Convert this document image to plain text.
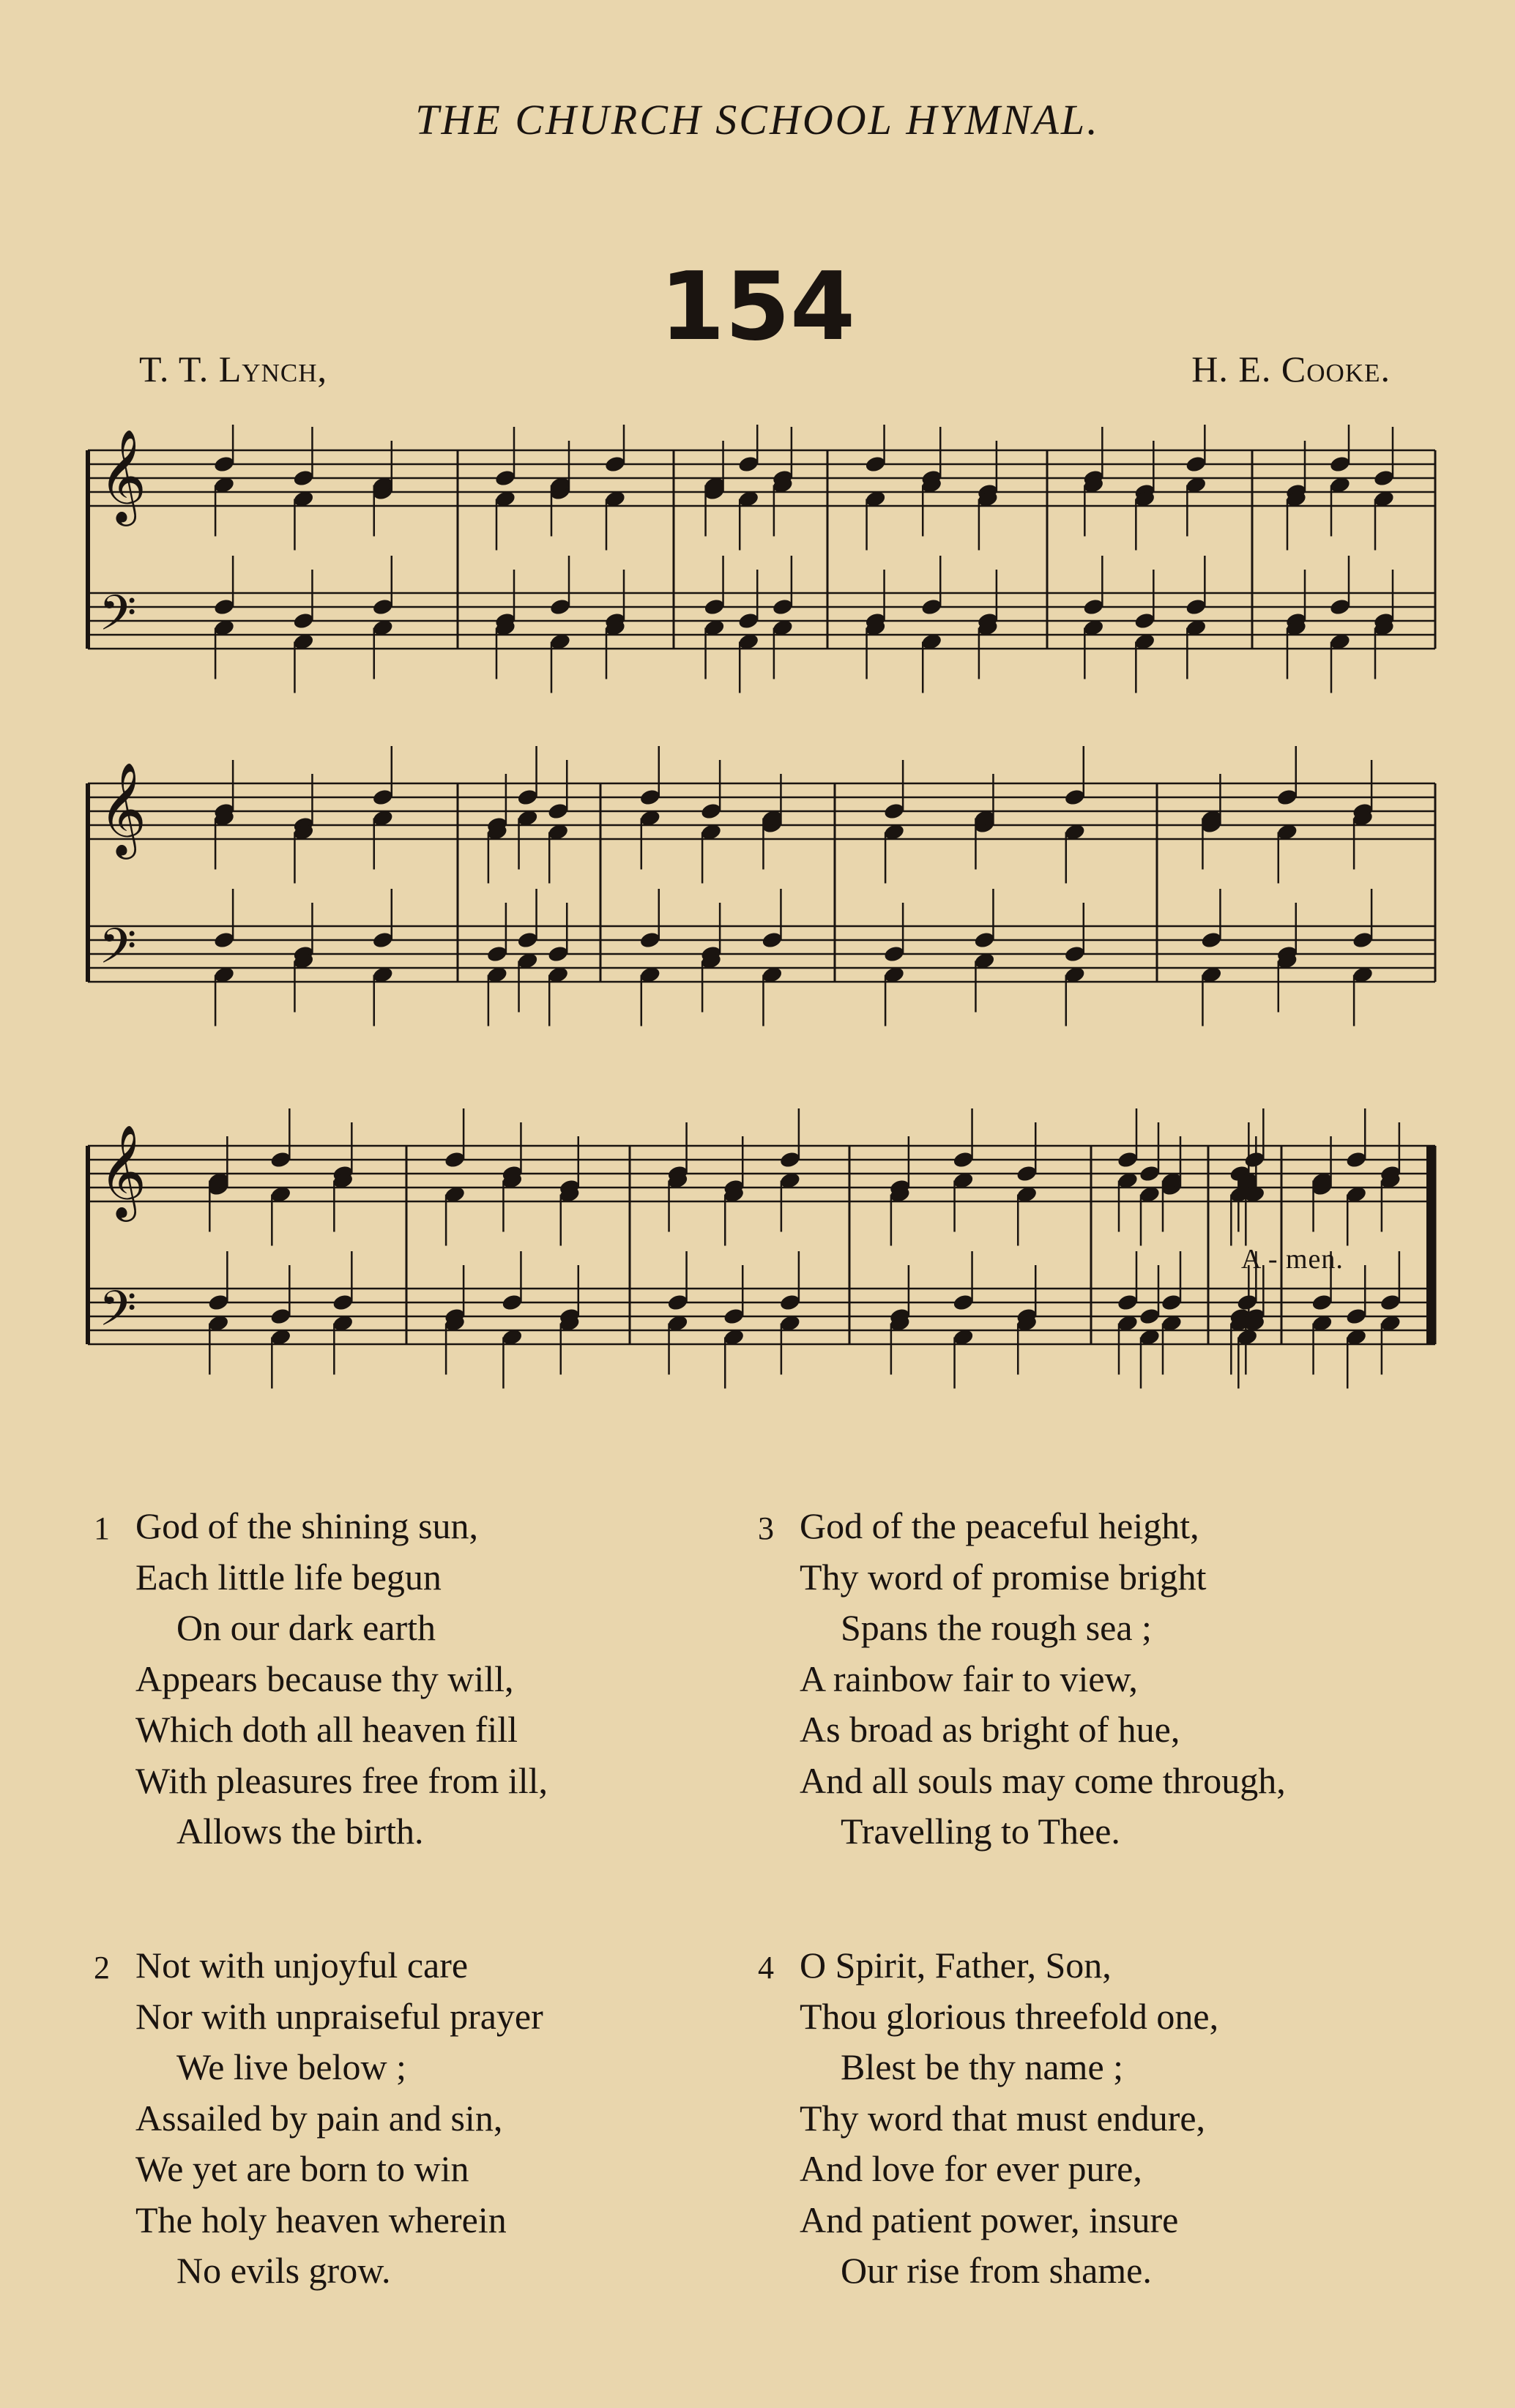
THE CHURCH SCHOOL HYMNAL.
154
T. T. Lynch,	H. E. Cooke.
𝄞
𝄢
𝄞
𝄢
𝄞
𝄢
A - men.
1 God of the shining sun,
Each little life begun
On our dark earth
Appears because thy will,
Which doth all heaven fill
With pleasures free from ill,
Allows the birth.
2 Not with unjoyful care
Nor with unpraiseful prayer
We live below ;
Assailed by pain and sin,
We yet are born to win
The holy heaven wherein
No evils grow.
3 God of the peaceful height,
Thy word of promise bright
Spans the rough sea ;
A rainbow fair to view,
As broad as bright of hue,
And all souls may come through,
Travelling to Thee.
4 O Spirit, Father, Son,
Thou glorious threefold one,
Blest be thy name ;
Thy word that must endure,
And love for ever pure,
And patient power, insure
Our rise from shame.
